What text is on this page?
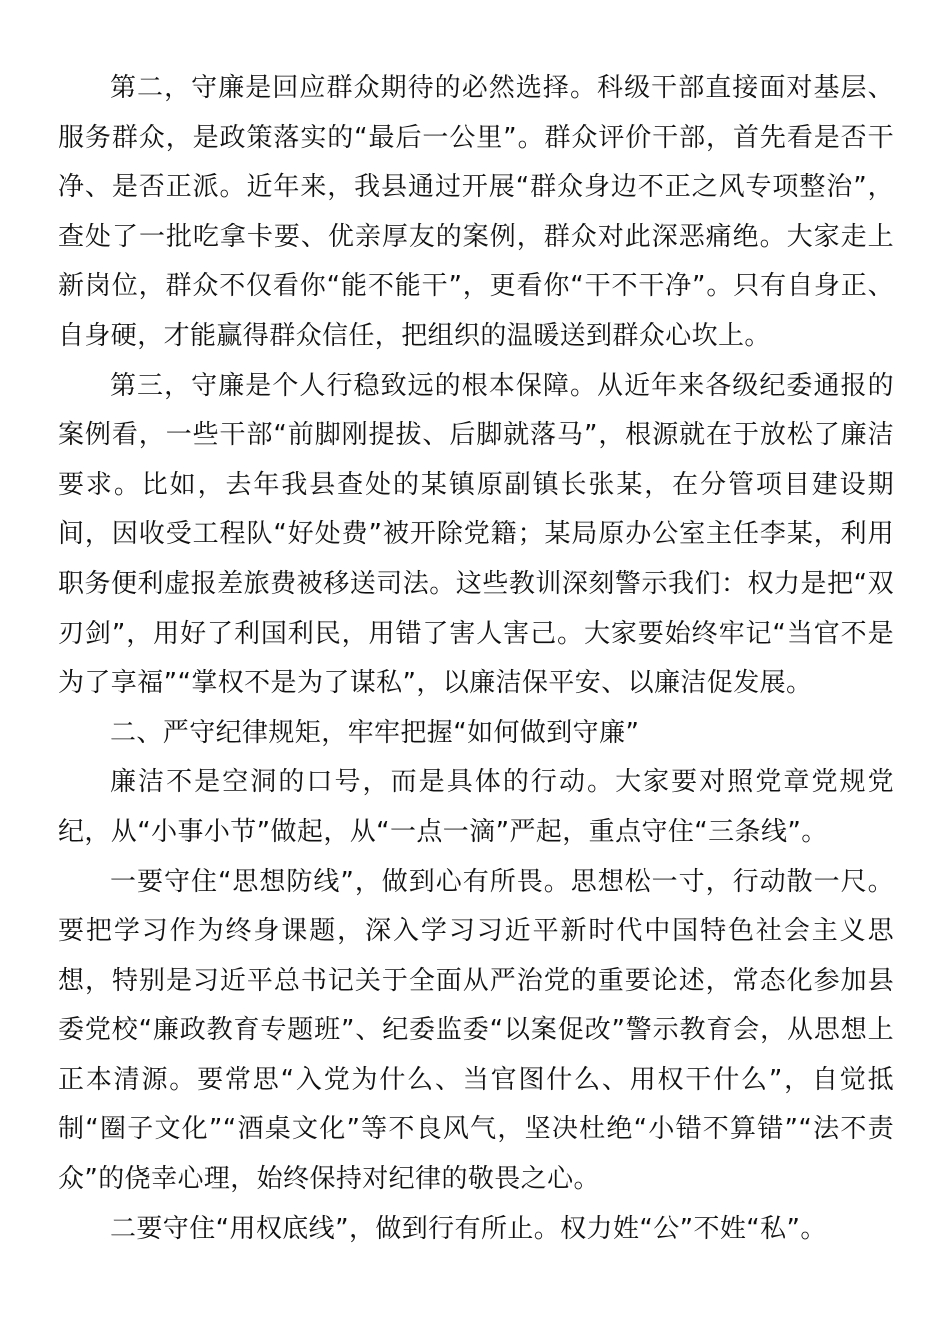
第二，守廉是回应群众期待的必然选择。科级干部直接面对基层、服务群众，是政策落实的“最后一公里”。群众评价干部，首先看是否干净、是否正派。近年来，我县通过开展“群众身边不正之风专项整治”，查处了一批吃拿卡要、优亲厚友的案例，群众对此深恶痛绝。大家走上新岗位，群众不仅看你“能不能干”，更看你“干不干净”。只有自身正、自身硬，才能赢得群众信任，把组织的温暖送到群众心坎上。

第三，守廉是个人行稳致远的根本保障。从近年来各级纪委通报的案例看，一些干部“前脚刚提拔、后脚就落马”，根源就在于放松了廉洁要求。比如，去年我县查处的某镇原副镇长张某，在分管项目建设期间，因收受工程队“好处费”被开除党籍；某局原办公室主任李某，利用职务便利虚报差旅费被移送司法。这些教训深刻警示我们：权力是把“双刃剑”，用好了利国利民，用错了害人害己。大家要始终牢记“当官不是为了享福”“掌权不是为了谋私”，以廉洁保平安、以廉洁促发展。

二、严守纪律规矩，牢牢把握“如何做到守廉”

廉洁不是空洞的口号，而是具体的行动。大家要对照党章党规党纪，从“小事小节”做起，从“一点一滴”严起，重点守住“三条线”。

一要守住“思想防线”，做到心有所畏。思想松一寸，行动散一尺。要把学习作为终身课题，深入学习习近平新时代中国特色社会主义思想，特别是习近平总书记关于全面从严治党的重要论述，常态化参加县委党校“廉政教育专题班”、纪委监委“以案促改”警示教育会，从思想上正本清源。要常思“入党为什么、当官图什么、用权干什么”，自觉抵制“圈子文化”“酒桌文化”等不良风气，坚决杜绝“小错不算错”“法不责众”的侥幸心理，始终保持对纪律的敬畏之心。

二要守住“用权底线”，做到行有所止。权力姓“公”不姓“私”。
